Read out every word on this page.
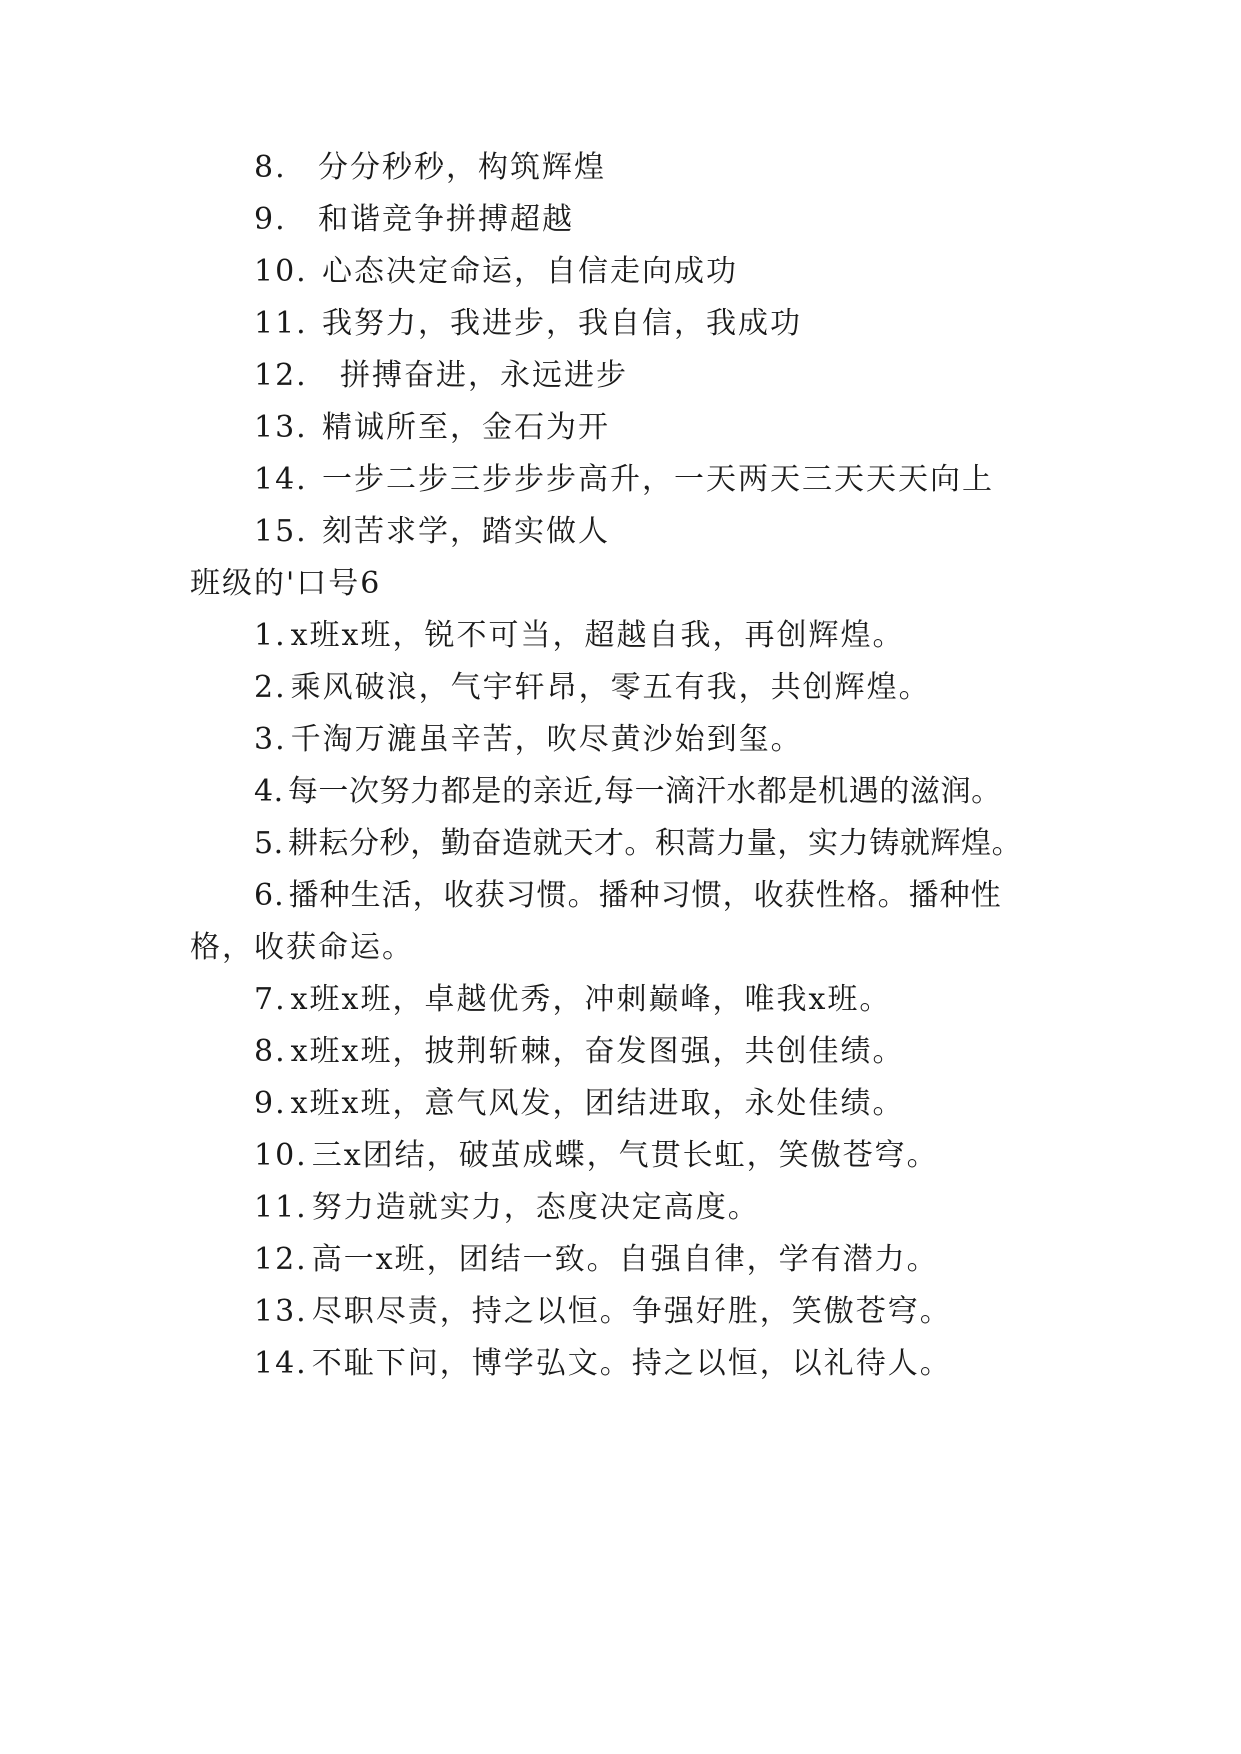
8. 分分秒秒，构筑辉煌
9. 和谐竞争拼搏超越
10. 心态决定命运，自信走向成功
11. 我努力，我进步，我自信，我成功
12. 拼搏奋进，永远进步
13. 精诚所至，金石为开
14. 一步二步三步步步高升，一天两天三天天天向上
15. 刻苦求学，踏实做人
班级的'口号6
1. x班x班，锐不可当，超越自我，再创辉煌。
2. 乘风破浪，气宇轩昂，零五有我，共创辉煌。
3. 千淘万漉虽辛苦，吹尽黄沙始到玺。
4. 每一次努力都是的亲近,每一滴汗水都是机遇的滋润。
5. 耕耘分秒，勤奋造就天才。积蒿力量，实力铸就辉煌。
6. 播种生活，收获习惯。播种习惯，收获性格。播种性
格，收获命运。
7. x班x班，卓越优秀，冲刺巅峰，唯我x班。
8. x班x班，披荆斩棘，奋发图强，共创佳绩。
9. x班x班，意气风发，团结进取，永处佳绩。
10. 三x团结，破茧成蝶，气贯长虹，笑傲苍穹。
11. 努力造就实力，态度决定高度。
12. 高一x班，团结一致。自强自律，学有潜力。
13. 尽职尽责，持之以恒。争强好胜，笑傲苍穹。
14. 不耻下问，博学弘文。持之以恒，以礼待人。
